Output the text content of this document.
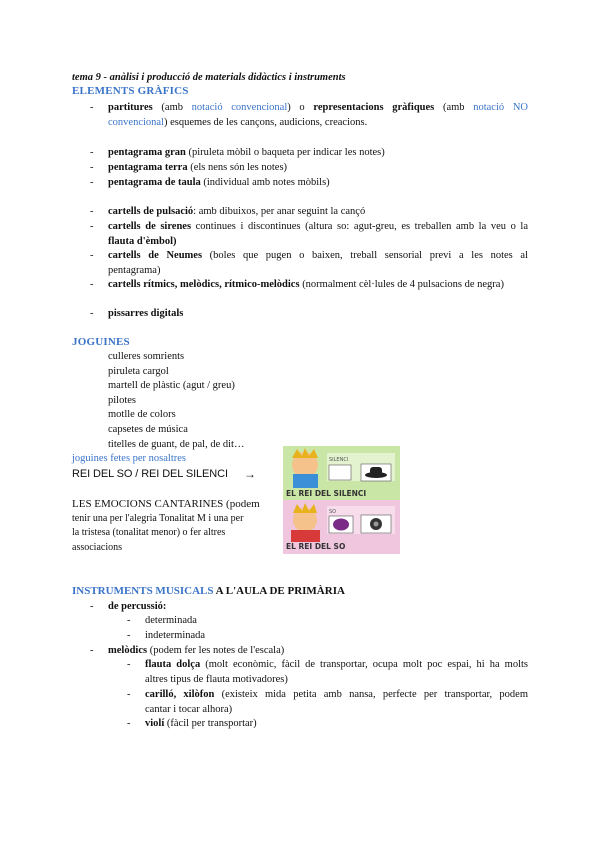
tema 9 - anàlisi i producció de materials didàctics i instruments
ELEMENTS GRÀFICS
- partitures (amb notació convencional) o representacions gràfiques (amb notació NO
convencional) esquemes de les cançons, audicions, creacions.
- pentagrama gran (piruleta mòbil o baqueta per indicar les notes)
- pentagrama terra (els nens són les notes)
- pentagrama de taula (individual amb notes mòbils)
- cartells de pulsació: amb dibuixos, per anar seguint la cançó
- cartells de sirenes continues i discontinues (altura so: agut-greu, es treballen amb la veu o la
flauta d'èmbol)
- cartells de Neumes (boles que pugen o baixen, treball sensorial previ a les notes al
pentagrama)
- cartells rítmics, melòdics, rítmico-melòdics (normalment cèl·lules de 4 pulsacions de negra)
- pissarres digitals
JOGUINES
culleres somrients
piruleta cargol
martell de plàstic (agut / greu)
pilotes
motlle de colors
capsetes de música
titelles de guant, de pal, de dit…
joguines fetes per nosaltres
REI DEL SO / REI DEL SILENCI →
LES EMOCIONS CANTARINES (podem
tenir una per l'alegria Tonalitat M i una per
la tristesa (tonalitat menor) o fer altres
associacions
SILENCI
EL REI DEL SILENCI
SO
EL REI DEL SO
INSTRUMENTS MUSICALS A L'AULA DE PRIMÀRIA
- de percussió:
- determinada
- indeterminada
- melòdics (podem fer les notes de l'escala)
- flauta dolça (molt econòmic, fàcil de transportar, ocupa molt poc espai, hi ha molts
altres tipus de flauta motivadores)
- carilló, xilòfon (existeix mida petita amb nansa, perfecte per transportar, podem
cantar i tocar alhora)
- violí (fàcil per transportar)
